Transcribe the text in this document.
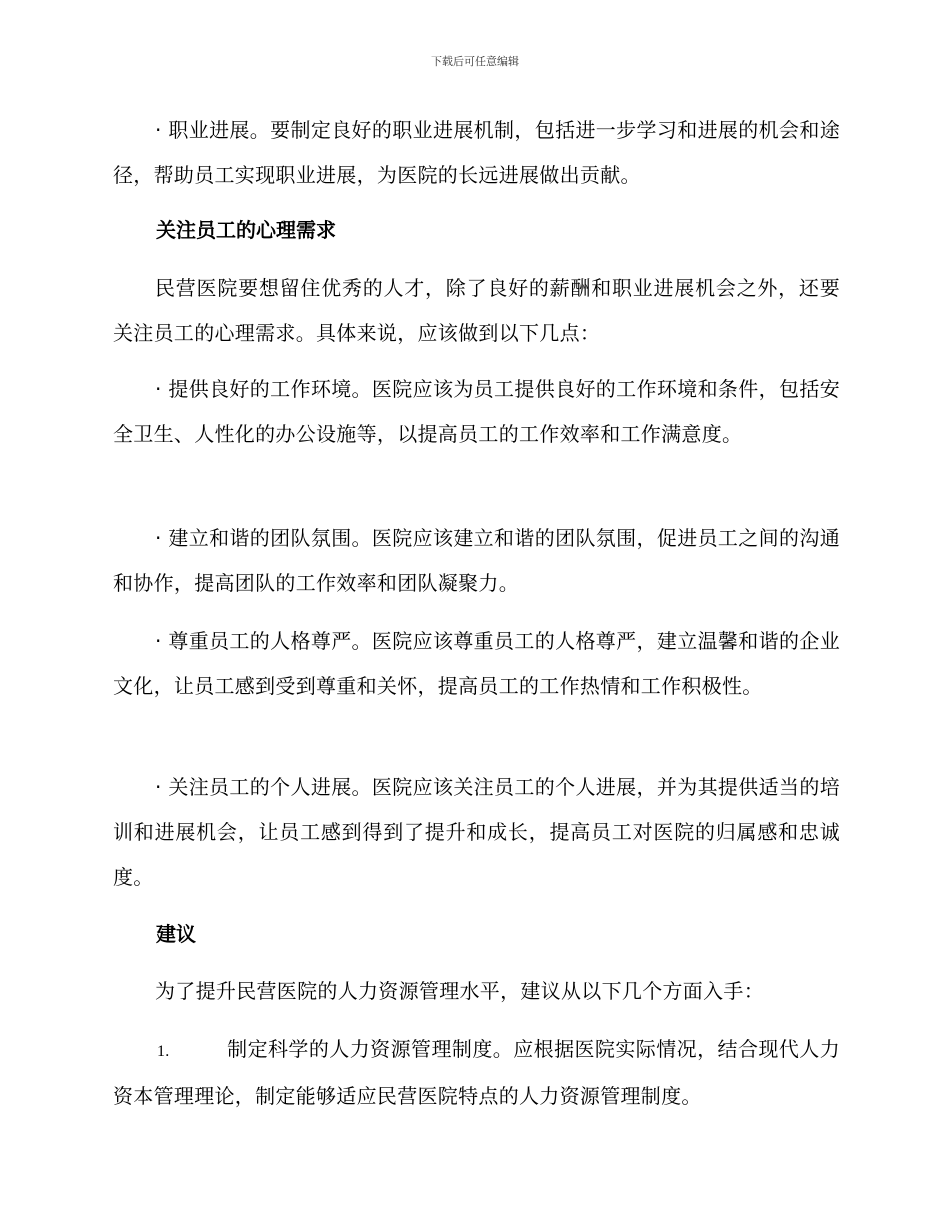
下载后可任意编辑

· 职业进展。要制定良好的职业进展机制，包括进一步学习和进展的机会和途径，帮助员工实现职业进展，为医院的长远进展做出贡献。

关注员工的心理需求

民营医院要想留住优秀的人才，除了良好的薪酬和职业进展机会之外，还要关注员工的心理需求。具体来说，应该做到以下几点：

· 提供良好的工作环境。医院应该为员工提供良好的工作环境和条件，包括安全卫生、人性化的办公设施等，以提高员工的工作效率和工作满意度。

· 建立和谐的团队氛围。医院应该建立和谐的团队氛围，促进员工之间的沟通和协作，提高团队的工作效率和团队凝聚力。

· 尊重员工的人格尊严。医院应该尊重员工的人格尊严，建立温馨和谐的企业文化，让员工感到受到尊重和关怀，提高员工的工作热情和工作积极性。

· 关注员工的个人进展。医院应该关注员工的个人进展，并为其提供适当的培训和进展机会，让员工感到得到了提升和成长，提高员工对医院的归属感和忠诚度。

建议

为了提升民营医院的人力资源管理水平，建议从以下几个方面入手：

1.	制定科学的人力资源管理制度。应根据医院实际情况，结合现代人力资本管理理论，制定能够适应民营医院特点的人力资源管理制度。
